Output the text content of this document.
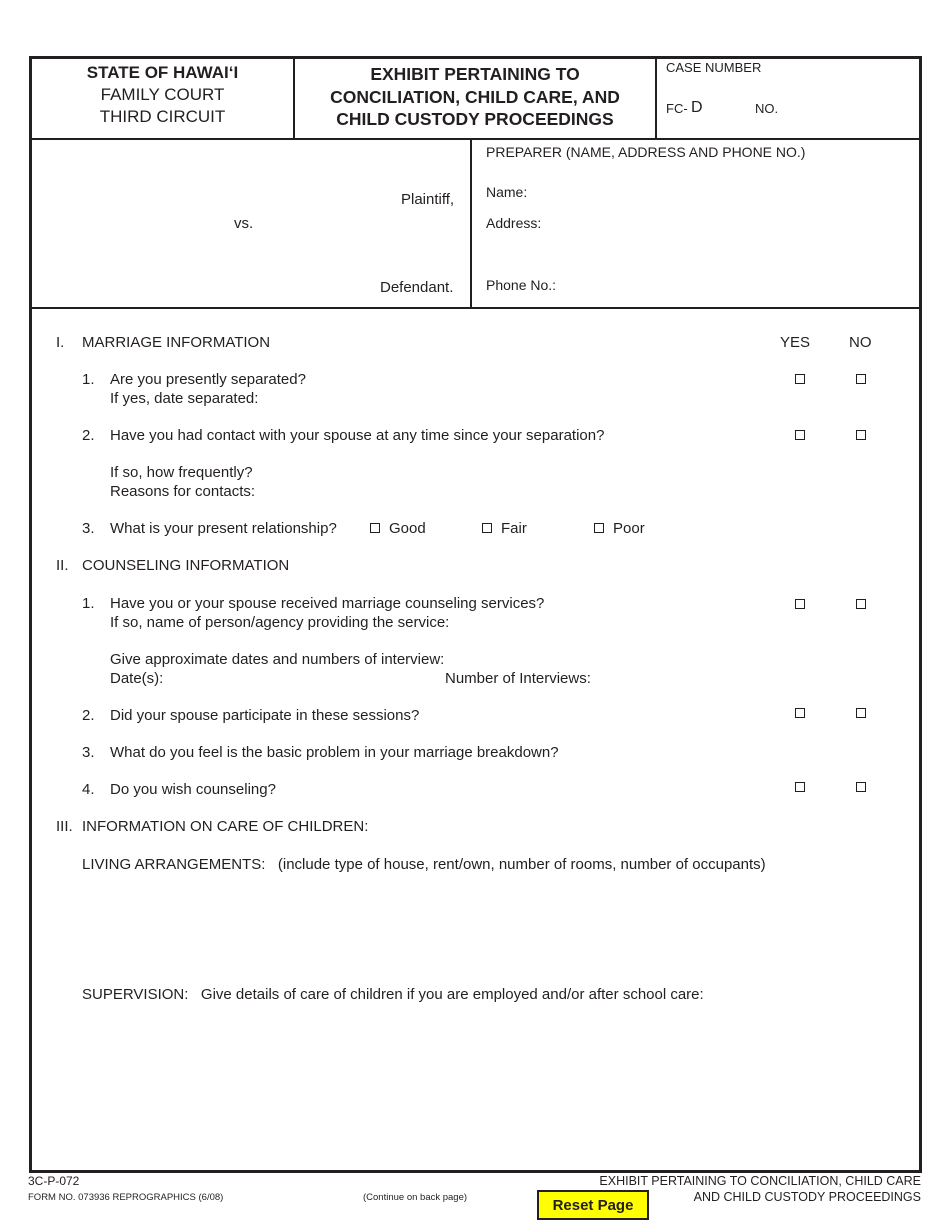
STATE OF HAWAI‘I
FAMILY COURT
THIRD CIRCUIT
EXHIBIT PERTAINING TO
CONCILIATION, CHILD CARE, AND
CHILD CUSTODY PROCEEDINGS
CASE NUMBER
FC- D	NO.
Plaintiff,
vs.
Defendant.
PREPARER (NAME, ADDRESS AND PHONE NO.)
Name:
Address:
Phone No.:
YES	NO
I. MARRIAGE INFORMATION
1. Are you presently separated?
If yes, date separated:
2. Have you had contact with your spouse at any time since your separation?
If so, how frequently?
Reasons for contacts:
3. What is your present relationship?	Good	Fair	Poor
II. COUNSELING INFORMATION
1. Have you or your spouse received marriage counseling services?
If so, name of person/agency providing the service:
Give approximate dates and numbers of interview:
Date(s):	Number of Interviews:
2. Did your spouse participate in these sessions?
3. What do you feel is the basic problem in your marriage breakdown?
4. Do you wish counseling?
III. INFORMATION ON CARE OF CHILDREN:
LIVING ARRANGEMENTS:   (include type of house, rent/own, number of rooms, number of occupants)
SUPERVISION:   Give details of care of children if you are employed and/or after school care:
3C-P-072
FORM NO. 073936 REPROGRAPHICS (6/08)	(Continue on back page)	Reset Page
EXHIBIT PERTAINING TO CONCILIATION, CHILD CARE
AND CHILD CUSTODY PROCEEDINGS
